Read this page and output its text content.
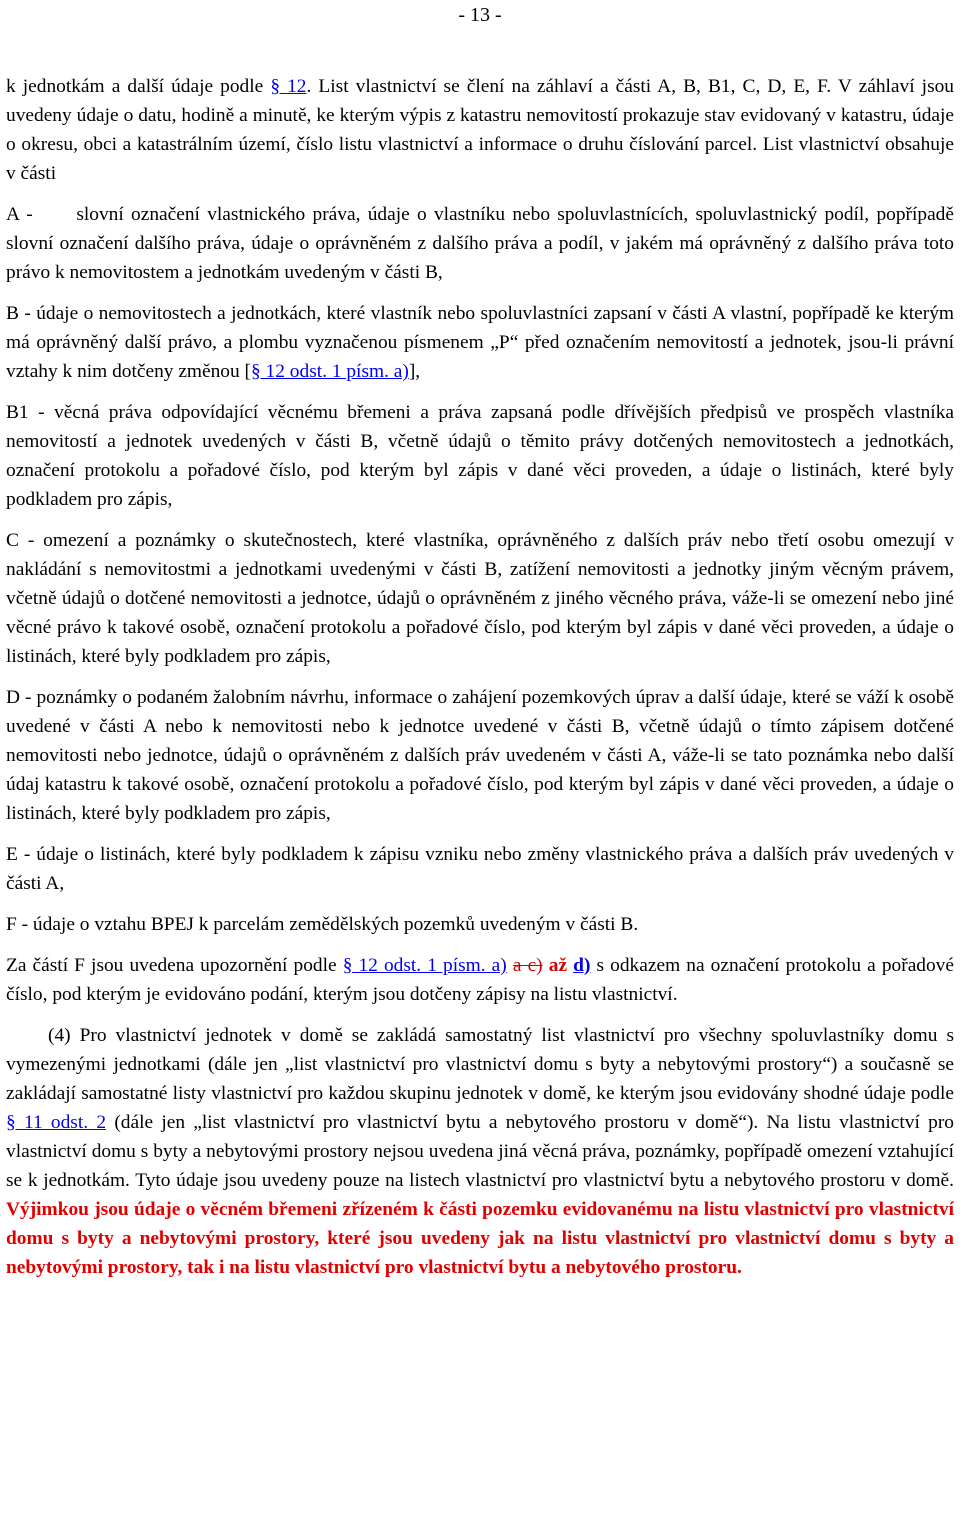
- 13 -

k jednotkám a další údaje podle § 12. List vlastnictví se člení na záhlaví a části A, B, B1, C, D, E, F. V záhlaví jsou uvedeny údaje o datu, hodině a minutě, ke kterým výpis z katastru nemovitostí prokazuje stav evidovaný v katastru, údaje o okresu, obci a katastrálním území, číslo listu vlastnictví a informace o druhu číslování parcel. List vlastnictví obsahuje v části

A - slovní označení vlastnického práva, údaje o vlastníku nebo spoluvlastnících, spoluvlastnický podíl, popřípadě slovní označení dalšího práva, údaje o oprávněném z dalšího práva a podíl, v jakém má oprávněný z dalšího práva toto právo k nemovitostem a jednotkám uvedeným v části B,

B - údaje o nemovitostech a jednotkách, které vlastník nebo spoluvlastníci zapsaní v části A vlastní, popřípadě ke kterým má oprávněný další právo, a plombu vyznačenou písmenem „P“ před označením nemovitostí a jednotek, jsou-li právní vztahy k nim dotčeny změnou [§ 12 odst. 1 písm. a)],

B1 - věcná práva odpovídající věcnému břemeni a práva zapsaná podle dřívějších předpisů ve prospěch vlastníka nemovitostí a jednotek uvedených v části B, včetně údajů o těmito právy dotčených nemovitostech a jednotkách, označení protokolu a pořadové číslo, pod kterým byl zápis v dané věci proveden, a údaje o listinách, které byly podkladem pro zápis,

C - omezení a poznámky o skutečnostech, které vlastníka, oprávněného z dalších práv nebo třetí osobu omezují v nakládání s nemovitostmi a jednotkami uvedenými v části B, zatížení nemovitosti a jednotky jiným věcným právem, včetně údajů o dotčené nemovitosti a jednotce, údajů o oprávněném z jiného věcného práva, váže-li se omezení nebo jiné věcné právo k takové osobě, označení protokolu a pořadové číslo, pod kterým byl zápis v dané věci proveden, a údaje o listinách, které byly podkladem pro zápis,

D - poznámky o podaném žalobním návrhu, informace o zahájení pozemkových úprav a další údaje, které se váží k osobě uvedené v části A nebo k nemovitosti nebo k jednotce uvedené v části B, včetně údajů o tímto zápisem dotčené nemovitosti nebo jednotce, údajů o oprávněném z dalších práv uvedeném v části A, váže-li se tato poznámka nebo další údaj katastru k takové osobě, označení protokolu a pořadové číslo, pod kterým byl zápis v dané věci proveden, a údaje o listinách, které byly podkladem pro zápis,

E - údaje o listinách, které byly podkladem k zápisu vzniku nebo změny vlastnického práva a dalších práv uvedených v části A,

F - údaje o vztahu BPEJ k parcelám zemědělských pozemků uvedeným v části B.

Za částí F jsou uvedena upozornění podle § 12 odst. 1 písm. a) a c) až d) s odkazem na označení protokolu a pořadové číslo, pod kterým je evidováno podání, kterým jsou dotčeny zápisy na listu vlastnictví.

(4) Pro vlastnictví jednotek v domě se zakládá samostatný list vlastnictví pro všechny spoluvlastníky domu s vymezenými jednotkami (dále jen „list vlastnictví pro vlastnictví domu s byty a nebytovými prostory“) a současně se zakládají samostatné listy vlastnictví pro každou skupinu jednotek v domě, ke kterým jsou evidovány shodné údaje podle § 11 odst. 2 (dále jen „list vlastnictví pro vlastnictví bytu a nebytového prostoru v domě“). Na listu vlastnictví pro vlastnictví domu s byty a nebytovými prostory nejsou uvedena jiná věcná práva, poznámky, popřípadě omezení vztahující se k jednotkám. Tyto údaje jsou uvedeny pouze na listech vlastnictví pro vlastnictví bytu a nebytového prostoru v domě. Výjimkou jsou údaje o věcném břemeni zřízeném k části pozemku evidovanému na listu vlastnictví pro vlastnictví domu s byty a nebytovými prostory, které jsou uvedeny jak na listu vlastnictví pro vlastnictví domu s byty a nebytovými prostory, tak i na listu vlastnictví pro vlastnictví bytu a nebytového prostoru.
